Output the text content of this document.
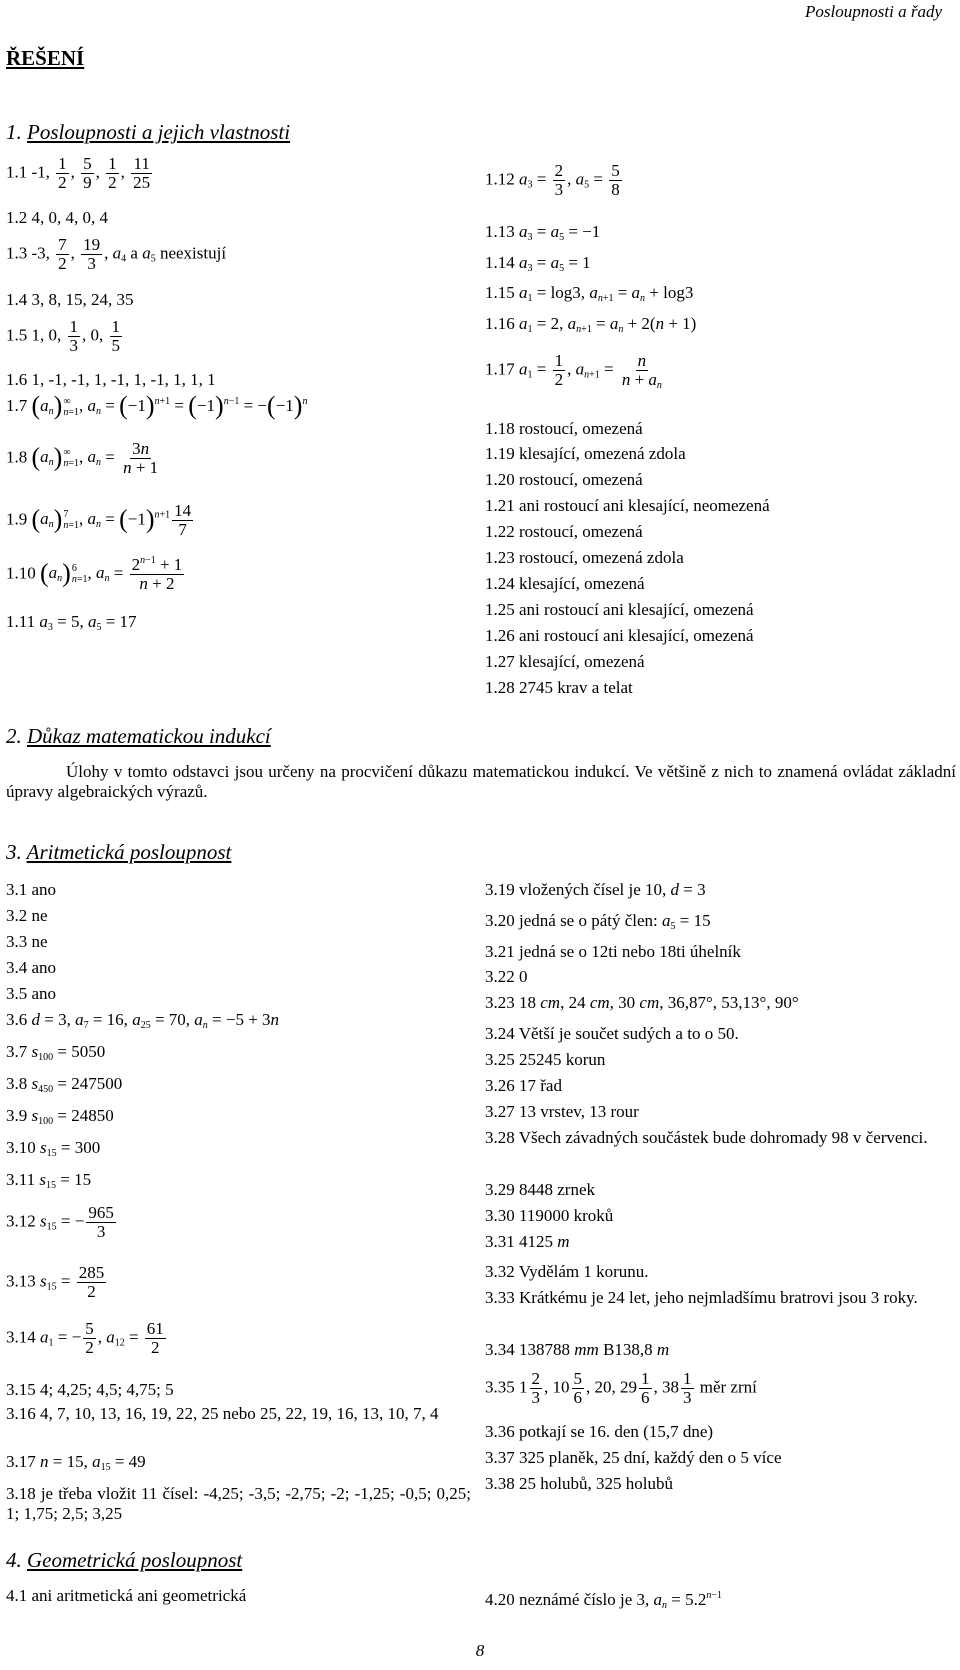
Posloupnosti a řady
ŘEŠENÍ
1. Posloupnosti a jejich vlastnosti
1.1 -1, $\frac{1}{2}$ , $\frac{5}{9}$ , $\frac{1}{2}$ , $\frac{11}{25}$
1.2 4, 0, 4, 0, 4
1.3 -3, $\frac{7}{2}$ , $\frac{19}{3}$ , $a_4$ a $a_5$ neexistují
1.4 3, 8, 15, 24, 35
1.5 1, 0, $\frac{1}{3}$ , 0, $\frac{1}{5}$
1.6 1, -1, -1, 1, -1, 1, -1, 1, 1, 1
1.7 $(a_n)$ ∞
n=1 , $a_n = (-1)^{n+1} = (-1)^{n-1} = -(-1)^n$
1.8 $(a_n)$ ∞
n=1 , $a_n = \frac{3n}{n + 1}$
1.9 $(a_n)$ 7
n=1 , $a_n = (-1)^{n+1} \frac{14}{7}$
1.10 $(a_n)$ 6
n=1 , $a_n = \frac{2^{n-1} + 1}{n + 2}$
1.11 $a_3 = 5$, $a_5 = 17$
1.12 $a_3 = \frac{2}{3}$ , $a_5 = \frac{5}{8}$
1.13 $a_3 = a_5 = -1$
1.14 $a_3 = a_5 = 1$
1.15 $a_1 = \log 3$, $a_{n+1} = a_n + \log 3$
1.16 $a_1 = 2$, $a_{n+1} = a_n + 2(n + 1)$
1.17 $a_1 = \frac{1}{2}$ , $a_{n+1} = \frac{n}{n + a_n}$
1.18 rostoucí, omezená
1.19 klesající, omezená zdola
1.20 rostoucí, omezená
1.21 ani rostoucí ani klesající, neomezená
1.22 rostoucí, omezená
1.23 rostoucí, omezená zdola
1.24 klesající, omezená
1.25 ani rostoucí ani klesající, omezená
1.26 ani rostoucí ani klesající, omezená
1.27 klesající, omezená
1.28 2745 krav a telat
2. Důkaz matematickou indukcí
Úlohy v tomto odstavci jsou určeny na procvičení důkazu matematickou indukcí. Ve většině z nich to znamená ovládat základní úpravy algebraických výrazů.
3. Aritmetická posloupnost
3.1 ano
3.2 ne
3.3 ne
3.4 ano
3.5 ano
3.6 d = 3, $a_7 = 16$, $a_{25} = 70$, $a_n = -5 + 3n$
3.7 $s_{100} = 5050$
3.8 $s_{450} = 247500$
3.9 $s_{100} = 24850$
3.10 $s_{15} = 300$
3.11 $s_{15} = 15$
3.12 $s_{15}$ = − $\frac{965}{3}$
3.13 $s_{15} = \frac{285}{2}$
3.14 $a_1$ = − $\frac{5}{2}$ , $a_{12} = \frac{61}{2}$
3.15 4; 4,25; 4,5; 4,75; 5
3.16 4, 7, 10, 13, 16, 19, 22, 25 nebo 25, 22, 19, 16, 13, 10, 7, 4
3.17 n = 15, $a_{15} = 49$
3.18 je třeba vložit 11 čísel: -4,25; -3,5; -2,75; -2; -1,25; -0,5; 0,25; 1; 1,75; 2,5; 3,25
3.19 vložených čísel je 10, d = 3
3.20 jedná se o pátý člen: $a_5 = 15$
3.21 jedná se o 12ti nebo 18ti úhelník
3.22 0
3.23 18 cm, 24 cm, 30 cm, 36,87°, 53,13°, 90°
3.24 Větší je součet sudých a to o 50.
3.25 25245 korun
3.26 17 řad
3.27 13 vrstev, 13 rour
3.28 Všech závadných součástek bude dohromady 98 v červenci.
3.29 8448 zrnek
3.30 119000 kroků
3.31 4125 m
3.32 Vydělám 1 korunu.
3.33 Krátkému je 24 let, jeho nejmladšímu bratrovi jsou 3 roky.
3.34 138788 mm B138,8 m
3.35 $1 \frac{2}{3}$ , $10 \frac{5}{6}$ , 20, $29 \frac{1}{6}$ , $38 \frac{1}{3}$ měr zrní
3.36 potkají se 16. den (15,7 dne)
3.37 325 planěk, 25 dní, každý den o 5 více
3.38 25 holubů, 325 holubů
4. Geometrická posloupnost
4.1 ani aritmetická ani geometrická	4.20 neznámé číslo je 3, $a_n = 5.2^{n-1}$
8
